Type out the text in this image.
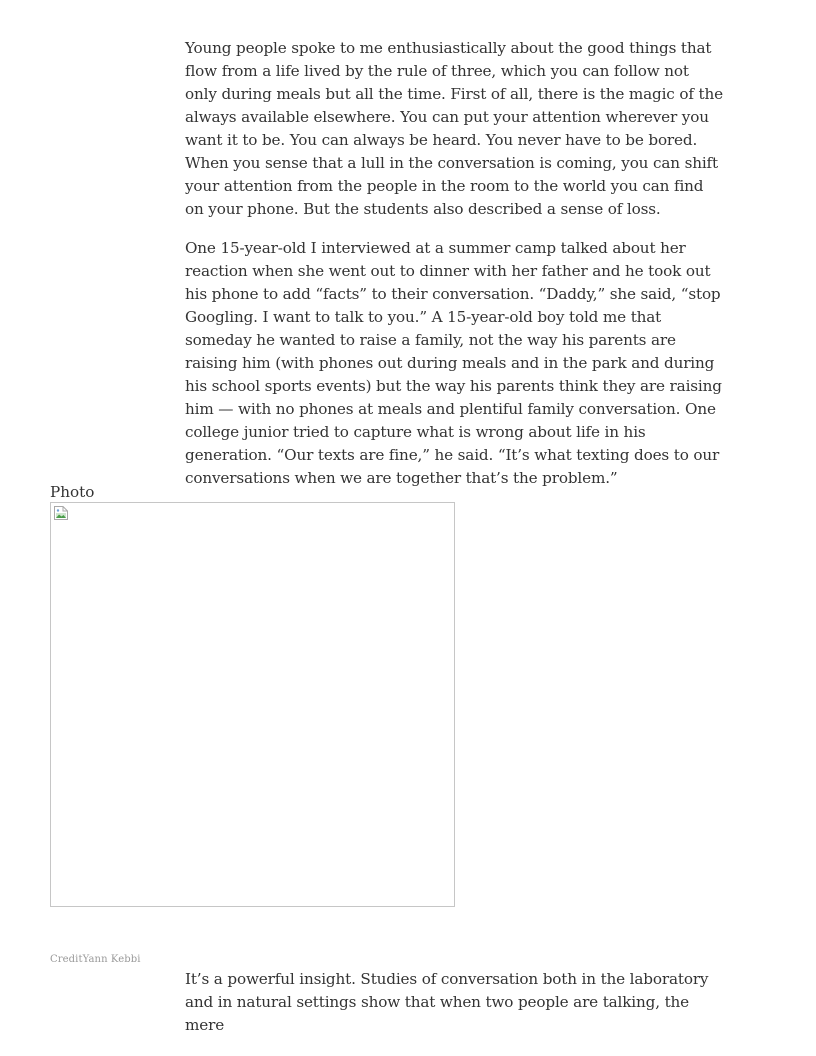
Young people spoke to me enthusiastically about the good things that flow from a life lived by the rule of three, which you can follow not only during meals but all the time. First of all, there is the magic of the always available elsewhere. You can put your attention wherever you want it to be. You can always be heard. You never have to be bored. When you sense that a lull in the conversation is coming, you can shift your attention from the people in the room to the world you can find on your phone. But the students also described a sense of loss.

One 15-year-old I interviewed at a summer camp talked about her reaction when she went out to dinner with her father and he took out his phone to add “facts” to their conversation. “Daddy,” she said, “stop Googling. I want to talk to you.” A 15-year-old boy told me that someday he wanted to raise a family, not the way his parents are raising him (with phones out during meals and in the park and during his school sports events) but the way his parents think they are raising him — with no phones at meals and plentiful family conversation. One college junior tried to capture what is wrong about life in his generation. “Our texts are fine,” he said. “It’s what texting does to our conversations when we are together that’s the problem.”

Photo
CreditYann Kebbi

It’s a powerful insight. Studies of conversation both in the laboratory and in natural settings show that when two people are talking, the mere
